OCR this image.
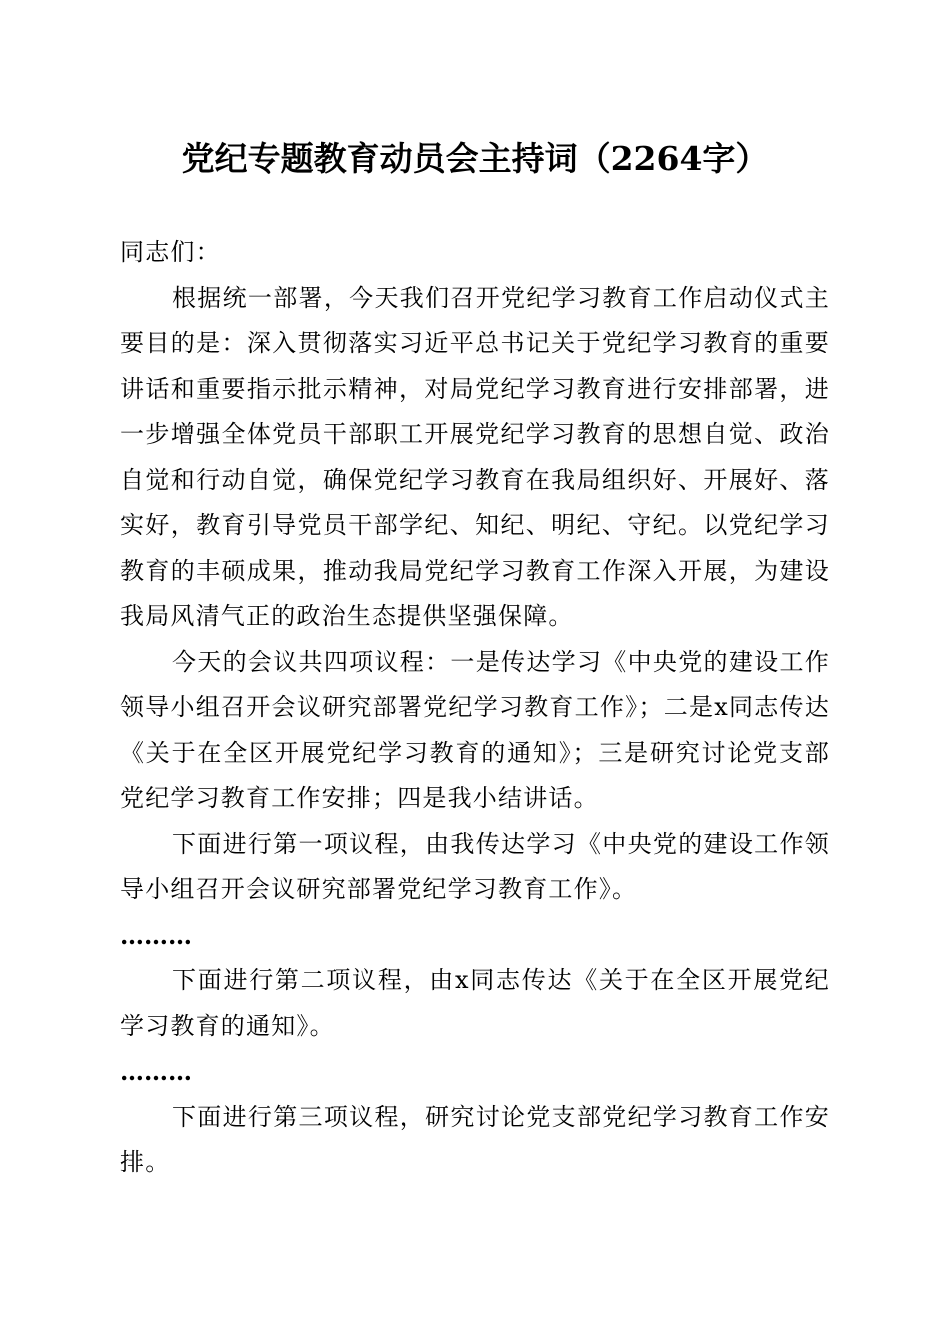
党纪专题教育动员会主持词（2264字）

同志们：

根据统一部署，今天我们召开党纪学习教育工作启动仪式主要目的是：深入贯彻落实习近平总书记关于党纪学习教育的重要讲话和重要指示批示精神，对局党纪学习教育进行安排部署，进一步增强全体党员干部职工开展党纪学习教育的思想自觉、政治自觉和行动自觉，确保党纪学习教育在我局组织好、开展好、落实好，教育引导党员干部学纪、知纪、明纪、守纪。以党纪学习教育的丰硕成果，推动我局党纪学习教育工作深入开展，为建设我局风清气正的政治生态提供坚强保障。

今天的会议共四项议程：一是传达学习《中央党的建设工作领导小组召开会议研究部署党纪学习教育工作》；二是x同志传达《关于在全区开展党纪学习教育的通知》；三是研究讨论党支部党纪学习教育工作安排；四是我小结讲话。

下面进行第一项议程，由我传达学习《中央党的建设工作领导小组召开会议研究部署党纪学习教育工作》。

………

下面进行第二项议程，由x同志传达《关于在全区开展党纪学习教育的通知》。

………

下面进行第三项议程，研究讨论党支部党纪学习教育工作安排。
